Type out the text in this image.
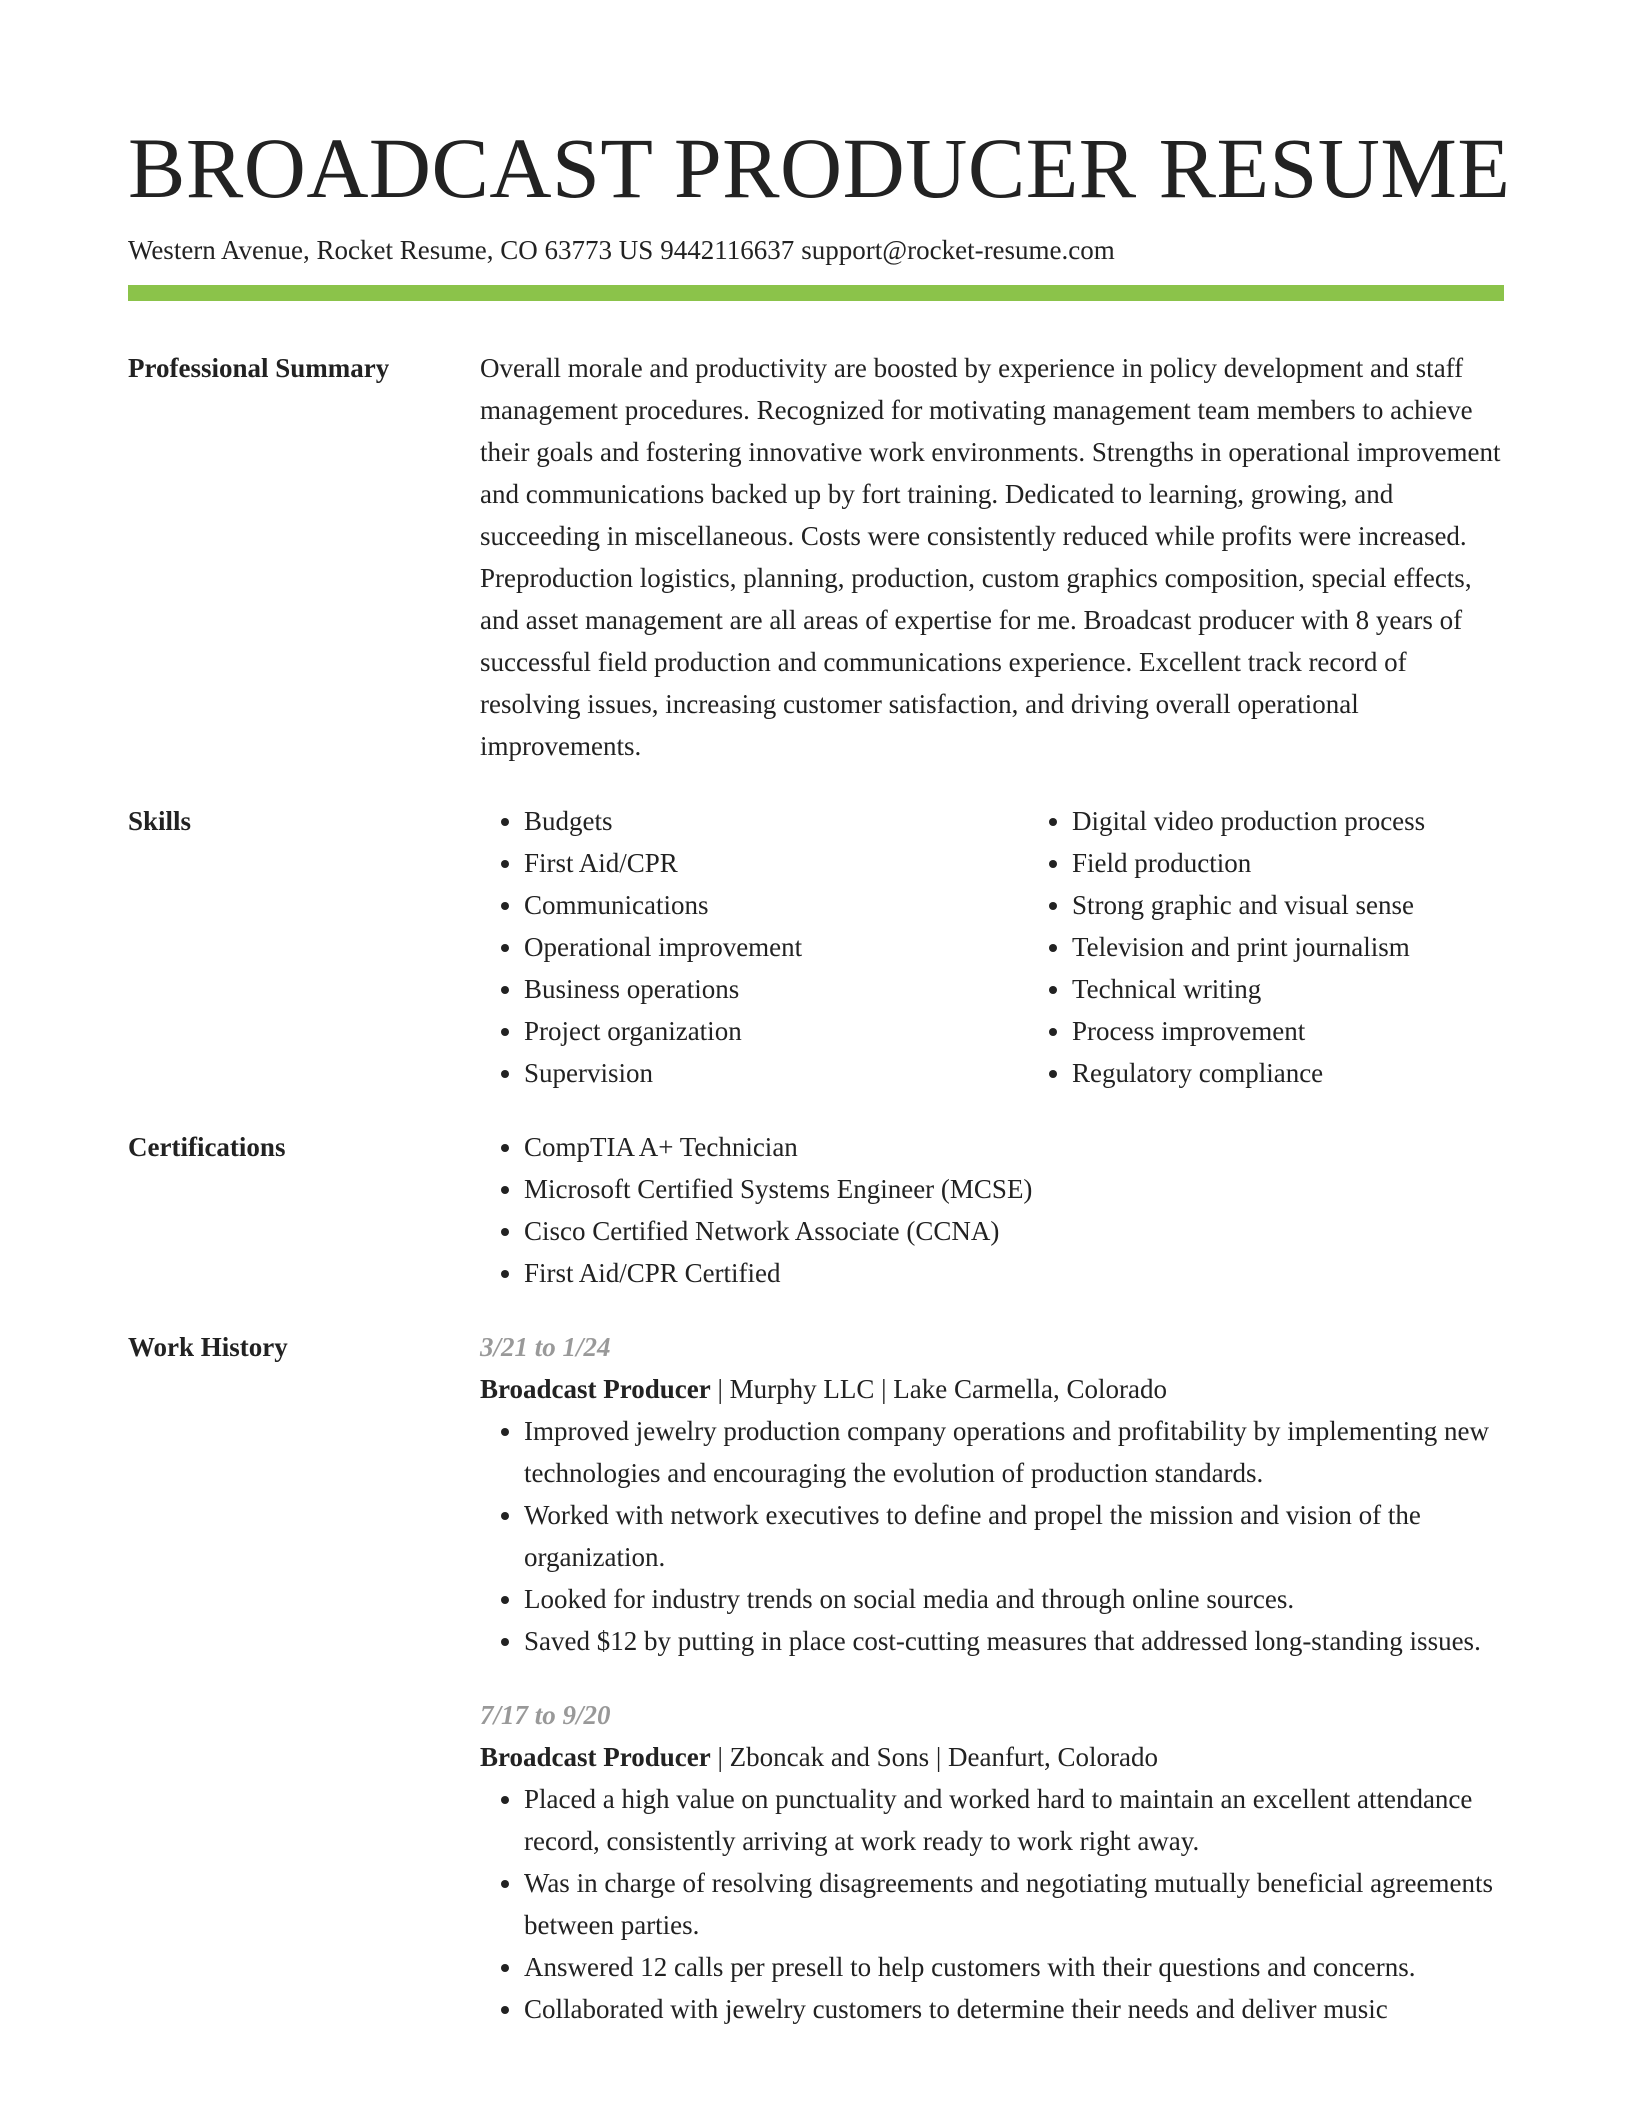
BROADCAST PRODUCER RESUME
Western Avenue, Rocket Resume, CO 63773 US 9442116637 support@rocket-resume.com
Professional Summary	Overall morale and productivity are boosted by experience in policy development and staff management procedures. Recognized for motivating management team members to achieve their goals and fostering innovative work environments. Strengths in operational improvement and communications backed up by fort training. Dedicated to learning, growing, and succeeding in miscellaneous. Costs were consistently reduced while profits were increased. Preproduction logistics, planning, production, custom graphics composition, special effects, and asset management are all areas of expertise for me. Broadcast producer with 8 years of successful field production and communications experience. Excellent track record of resolving issues, increasing customer satisfaction, and driving overall operational improvements.

Skills	• Budgets
• First Aid/CPR
• Communications
• Operational improvement
• Business operations
• Project organization
• Supervision
• Digital video production process
• Field production
• Strong graphic and visual sense
• Television and print journalism
• Technical writing
• Process improvement
• Regulatory compliance
Certifications	• CompTIA A+ Technician
• Microsoft Certified Systems Engineer (MCSE)
• Cisco Certified Network Associate (CCNA)
• First Aid/CPR Certified
Work History	3/21 to 1/24
Broadcast Producer | Murphy LLC | Lake Carmella, Colorado
• Improved jewelry production company operations and profitability by implementing new technologies and encouraging the evolution of production standards.
• Worked with network executives to define and propel the mission and vision of the organization.
• Looked for industry trends on social media and through online sources.
• Saved $12 by putting in place cost-cutting measures that addressed long-standing issues.
7/17 to 9/20
Broadcast Producer | Zboncak and Sons | Deanfurt, Colorado
• Placed a high value on punctuality and worked hard to maintain an excellent attendance record, consistently arriving at work ready to work right away.
• Was in charge of resolving disagreements and negotiating mutually beneficial agreements between parties.
• Answered 12 calls per presell to help customers with their questions and concerns.
• Collaborated with jewelry customers to determine their needs and deliver music
